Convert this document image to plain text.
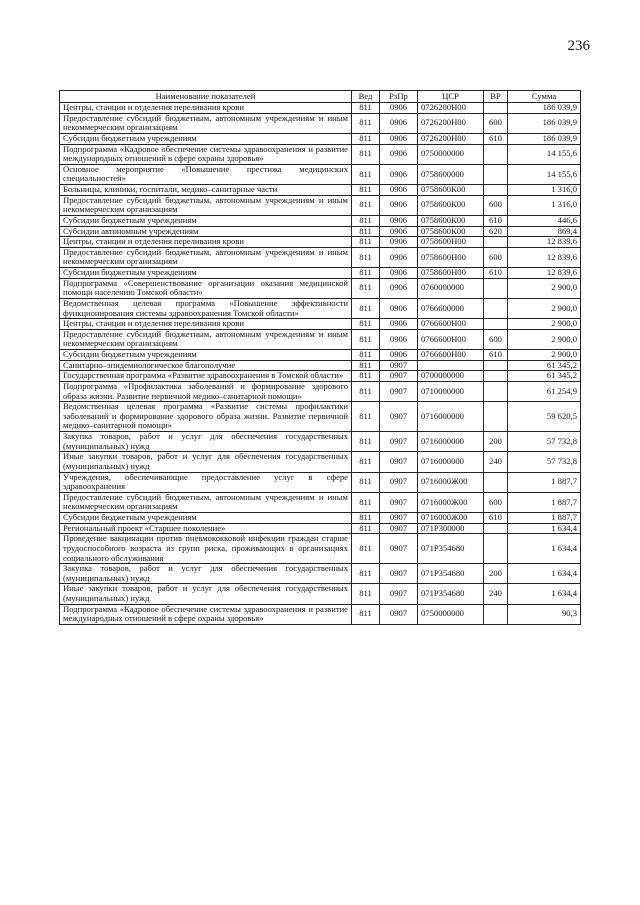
236
Наименование показателей	Вед	РзПр	ЦСР	ВР	Сумма
Центры, станции и отделения переливания крови	811	0906	0726200Н00		186 039,9
Предоставление субсидий бюджетным, автономным учреждениям и иным некоммерческим организациям	811	0906	0726200Н00	600	186 039,9
Субсидии бюджетным учреждениям	811	0906	0726200Н00	610	186 039,9
Подпрограмма «Кадровое обеспечение системы здравоохранения и развитие международных отношений в сфере охраны здоровья»	811	0906	0750000000		14 155,6
Основное мероприятие «Повышение престижа медицинских специальностей»	811	0906	0758600000		14 155,6
Больницы, клиники, госпитали, медико–санитарные части	811	0906	0758600К00		1 316,0
Предоставление субсидий бюджетным, автономным учреждениям и иным некоммерческим организациям	811	0906	0758600К00	600	1 316,0
Субсидии бюджетным учреждениям	811	0906	0758600К00	610	446,6
Субсидии автономным учреждениям	811	0906	0758600К00	620	869,4
Центры, станции и отделения переливания крови	811	0906	0758600Н00		12 839,6
Предоставление субсидий бюджетным, автономным учреждениям и иным некоммерческим организациям	811	0906	0758600Н00	600	12 839,6
Субсидии бюджетным учреждениям	811	0906	0758600Н00	610	12 839,6
Подпрограмма «Совершенствование организации оказания медицинской помощи населению Томской области»	811	0906	0760000000		2 900,0
Ведомственная целевая программа «Повышение эффективности функционирования системы здравоохранения Томской области»	811	0906	0766600000		2 900,0
Центры, станции и отделения переливания крови	811	0906	0766600Н00		2 900,0
Предоставление субсидий бюджетным, автономным учреждениям и иным некоммерческим организациям	811	0906	0766600Н00	600	2 900,0
Субсидии бюджетным учреждениям	811	0906	0766600Н00	610	2 900,0
Санитарно–эпидемиологическое благополучие	811	0907			61 345,2
Государственная программа «Развитие здравоохранения в Томской области»	811	0907	0700000000		61 345,2
Подпрограмма «Профилактика заболеваний и формирование здорового образа жизни. Развитие первичной медико–санитарной помощи»	811	0907	0710000000		61 254,9
Ведомственная целевая программа «Развитие системы профилактики заболеваний и формирование здорового образа жизни. Развитие первичной медико–санитарной помощи»	811	0907	0716000000		59 620,5
Закупка товаров, работ и услуг для обеспечения государственных (муниципальных) нужд	811	0907	0716000000	200	57 732,8
Иные закупки товаров, работ и услуг для обеспечения государственных (муниципальных) нужд	811	0907	0716000000	240	57 732,8
Учреждения, обеспечивающие предоставление услуг в сфере здравоохранения	811	0907	0716000Ж00		1 887,7
Предоставление субсидий бюджетным, автономным учреждениям и иным некоммерческим организациям	811	0907	0716000Ж00	600	1 887,7
Субсидии бюджетным учреждениям	811	0907	0716000Ж00	610	1 887,7
Региональный проект «Старшее поколение»	811	0907	071Р300000		1 634,4
Проведение вакцинации против пневмококковой инфекции граждан старше трудоспособного возраста из групп риска, проживающих в организациях социального обслуживания	811	0907	071Р354680		1 634,4
Закупка товаров, работ и услуг для обеспечения государственных (муниципальных) нужд	811	0907	071Р354680	200	1 634,4
Иные закупки товаров, работ и услуг для обеспечения государственных (муниципальных) нужд	811	0907	071Р354680	240	1 634,4
Подпрограмма «Кадровое обеспечение системы здравоохранения и развитие международных отношений в сфере охраны здоровья»	811	0907	0750000000		90,3
